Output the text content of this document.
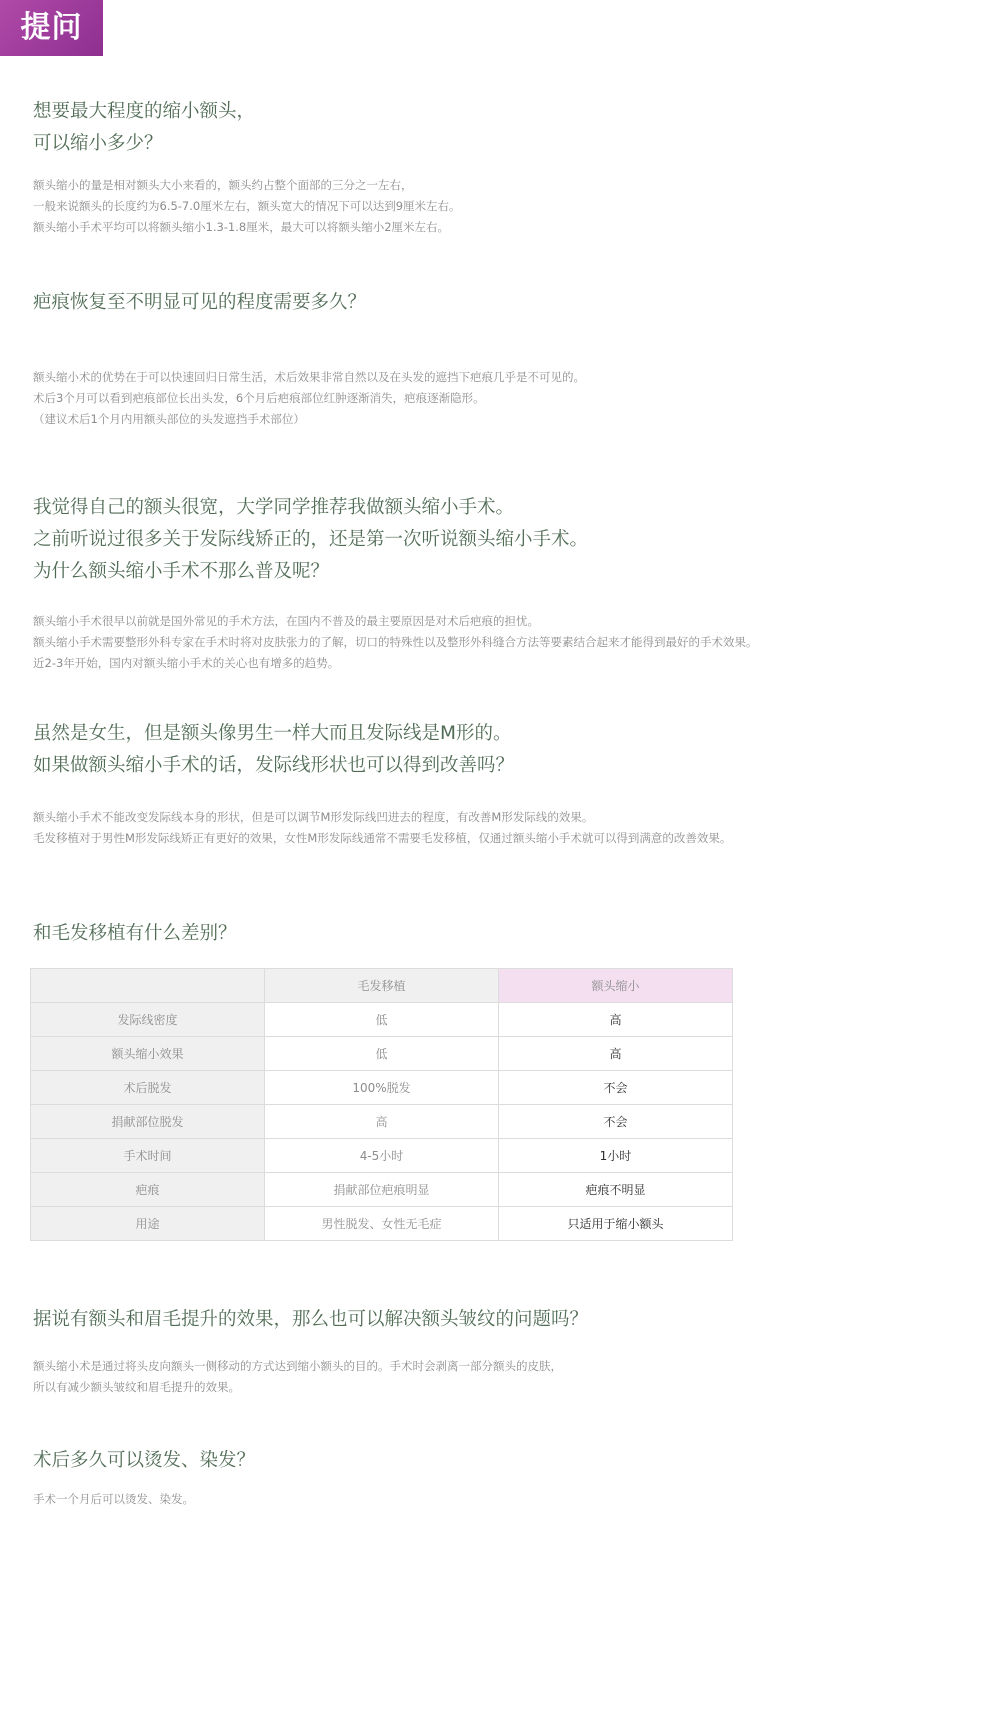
提问
想要最大程度的缩小额头，
可以缩小多少？
额头缩小的量是相对额头大小来看的，额头约占整个面部的三分之一左右，
一般来说额头的长度约为6.5-7.0厘米左右，额头宽大的情况下可以达到9厘米左右。
额头缩小手术平均可以将额头缩小1.3-1.8厘米，最大可以将额头缩小2厘米左右。
疤痕恢复至不明显可见的程度需要多久？
额头缩小术的优势在于可以快速回归日常生活，术后效果非常自然以及在头发的遮挡下疤痕几乎是不可见的。
术后3个月可以看到疤痕部位长出头发，6个月后疤痕部位红肿逐渐消失，疤痕逐渐隐形。
（建议术后1个月内用额头部位的头发遮挡手术部位）
我觉得自己的额头很宽，大学同学推荐我做额头缩小手术。
之前听说过很多关于发际线矫正的，还是第一次听说额头缩小手术。
为什么额头缩小手术不那么普及呢？
额头缩小手术很早以前就是国外常见的手术方法，在国内不普及的最主要原因是对术后疤痕的担忧。
额头缩小手术需要整形外科专家在手术时将对皮肤张力的了解，切口的特殊性以及整形外科缝合方法等要素结合起来才能得到最好的手术效果。
近2-3年开始，国内对额头缩小手术的关心也有增多的趋势。
虽然是女生，但是额头像男生一样大而且发际线是M形的。
如果做额头缩小手术的话，发际线形状也可以得到改善吗？
额头缩小手术不能改变发际线本身的形状，但是可以调节M形发际线凹进去的程度，有改善M形发际线的效果。
毛发移植对于男性M形发际线矫正有更好的效果，女性M形发际线通常不需要毛发移植，仅通过额头缩小手术就可以得到满意的改善效果。
和毛发移植有什么差别？
	毛发移植	额头缩小
发际线密度	低	高
额头缩小效果	低	高
术后脱发	100%脱发	不会
捐献部位脱发	高	不会
手术时间	4-5小时	1小时
疤痕	捐献部位疤痕明显	疤痕不明显
用途	男性脱发、女性无毛症	只适用于缩小额头
据说有额头和眉毛提升的效果，那么也可以解决额头皱纹的问题吗？
额头缩小术是通过将头皮向额头一侧移动的方式达到缩小额头的目的。手术时会剥离一部分额头的皮肤，
所以有减少额头皱纹和眉毛提升的效果。
术后多久可以烫发、染发？
手术一个月后可以烫发、染发。
